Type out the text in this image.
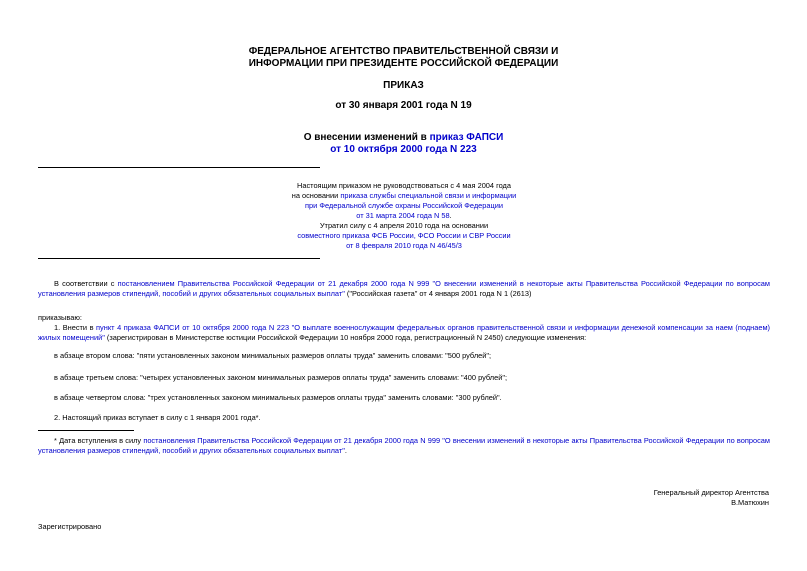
ФЕДЕРАЛЬНОЕ АГЕНТСТВО ПРАВИТЕЛЬСТВЕННОЙ СВЯЗИ И
ИНФОРМАЦИИ ПРИ ПРЕЗИДЕНТЕ РОССИЙСКОЙ ФЕДЕРАЦИИ
ПРИКАЗ
от 30 января 2001 года N 19
О внесении изменений в приказ ФАПСИ
от 10 октября 2000 года N 223
Настоящим приказом не руководствоваться с 4 мая 2004 года
на основании приказа службы специальной связи и информации
при Федеральной службе охраны Российской Федерации
от 31 марта 2004 года N 58.
Утратил силу с 4 апреля 2010 года на основании
совместного приказа ФСБ России, ФСО России и СВР России
от 8 февраля 2010 года N 46/45/3
В соответствии с постановлением Правительства Российской Федерации от 21 декабря 2000 года N 999 "О внесении изменений в некоторые акты Правительства Российской Федерации по вопросам установления размеров стипендий, пособий и других обязательных социальных выплат" ("Российская газета" от 4 января 2001 года N 1 (2613)
приказываю:
1. Внести в пункт 4 приказа ФАПСИ от 10 октября 2000 года N 223 "О выплате военнослужащим федеральных органов правительственной связи и информации денежной компенсации за наем (поднаем) жилых помещений" (зарегистрирован в Министерстве юстиции Российской Федерации 10 ноября 2000 года, регистрационный N 2450) следующие изменения:
в абзаце втором слова: "пяти установленных законом минимальных размеров оплаты труда" заменить словами: "500 рублей";
в абзаце третьем слова: "четырех установленных законом минимальных размеров оплаты труда" заменить словами: "400 рублей";
в абзаце четвертом слова: "трех установленных законом минимальных размеров оплаты труда" заменить словами: "300 рублей".
2. Настоящий приказ вступает в силу с 1 января 2001 года*.
* Дата вступления в силу постановления Правительства Российской Федерации от 21 декабря 2000 года N 999 "О внесении изменений в некоторые акты Правительства Российской Федерации по вопросам установления размеров стипендий, пособий и других обязательных социальных выплат".
Генеральный директор Агентства
В.Матюхин
Зарегистрировано
